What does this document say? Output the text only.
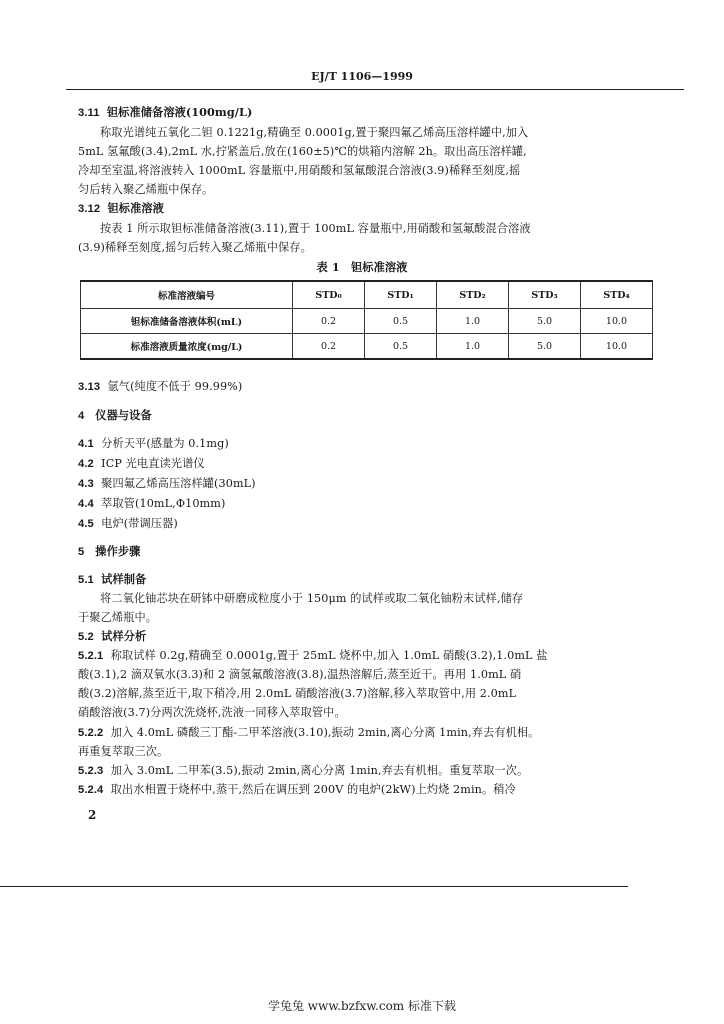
EJ/T 1106—1999
3.11 钽标准储备溶液(100mg/L)
称取光谱纯五氧化二钽 0.1221g,精确至 0.0001g,置于聚四氟乙烯高压溶样罐中,加入
5mL 氢氟酸(3.4),2mL 水,拧紧盖后,放在(160±5)℃的烘箱内溶解 2h。取出高压溶样罐,
冷却至室温,将溶液转入 1000mL 容量瓶中,用硝酸和氢氟酸混合溶液(3.9)稀释至刻度,摇
匀后转入聚乙烯瓶中保存。
3.12 钽标准溶液
按表 1 所示取钽标准储备溶液(3.11),置于 100mL 容量瓶中,用硝酸和氢氟酸混合溶液
(3.9)稀释至刻度,摇匀后转入聚乙烯瓶中保存。
表 1　钽标准溶液
标准溶液编号	STD₀	STD₁	STD₂	STD₃	STD₄
钽标准储备溶液体积(mL)	0.2	0.5	1.0	5.0	10.0
标准溶液质量浓度(mg/L)	0.2	0.5	1.0	5.0	10.0
3.13 氩气(纯度不低于 99.99%)
4 仪器与设备
4.1 分析天平(感量为 0.1mg)
4.2 ICP 光电直读光谱仪
4.3 聚四氟乙烯高压溶样罐(30mL)
4.4 萃取管(10mL,Φ10mm)
4.5 电炉(带调压器)
5 操作步骤
5.1 试样制备
将二氧化铀芯块在研钵中研磨成粒度小于 150μm 的试样或取二氧化铀粉末试样,储存
于聚乙烯瓶中。
5.2 试样分析
5.2.1 称取试样 0.2g,精确至 0.0001g,置于 25mL 烧杯中,加入 1.0mL 硝酸(3.2),1.0mL 盐
酸(3.1),2 滴双氧水(3.3)和 2 滴氢氟酸溶液(3.8),温热溶解后,蒸至近干。再用 1.0mL 硝
酸(3.2)溶解,蒸至近干,取下稍冷,用 2.0mL 硝酸溶液(3.7)溶解,移入萃取管中,用 2.0mL
硝酸溶液(3.7)分两次洗烧杯,洗液一同移入萃取管中。
5.2.2 加入 4.0mL 磷酸三丁酯-二甲苯溶液(3.10),振动 2min,离心分离 1min,弃去有机相。
再重复萃取三次。
5.2.3 加入 3.0mL 二甲苯(3.5),振动 2min,离心分离 1min,弃去有机相。重复萃取一次。
5.2.4 取出水相置于烧杯中,蒸干,然后在调压到 200V 的电炉(2kW)上灼烧 2min。稍冷
2
学兔兔 www.bzfxw.com 标准下载
